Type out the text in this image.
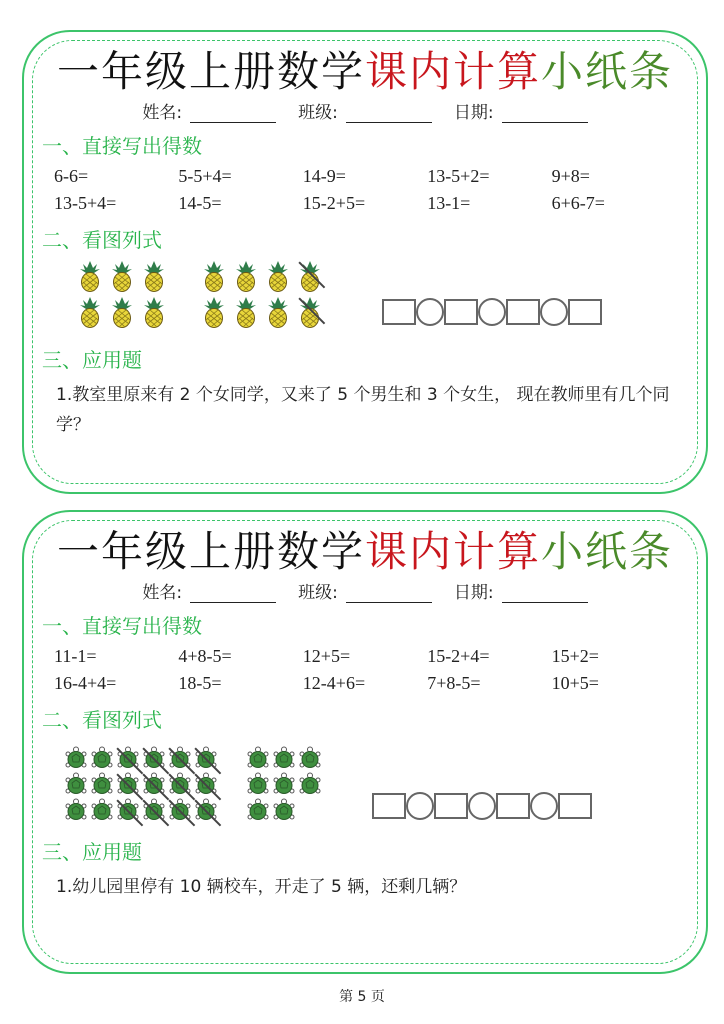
一年级上册数学课内计算小纸条
姓名:	班级:	日期:
一、直接写出得数
6-6=	5-5+4=	14-9=	13-5+2=	9+8=
13-5+4=	14-5=	15-2+5=	13-1=	6+6-7=
二、看图列式
三、应用题
1.教室里原来有 2 个女同学，又来了 5 个男生和 3 个女生， 现在教师里有几个同学？
一年级上册数学课内计算小纸条
姓名:	班级:	日期:
一、直接写出得数
11-1=	4+8-5=	12+5=	15-2+4=	15+2=
16-4+4=	18-5=	12-4+6=	7+8-5=	10+5=
二、看图列式
三、应用题
1.幼儿园里停有 10 辆校车，开走了 5 辆，还剩几辆？
第 5 页
